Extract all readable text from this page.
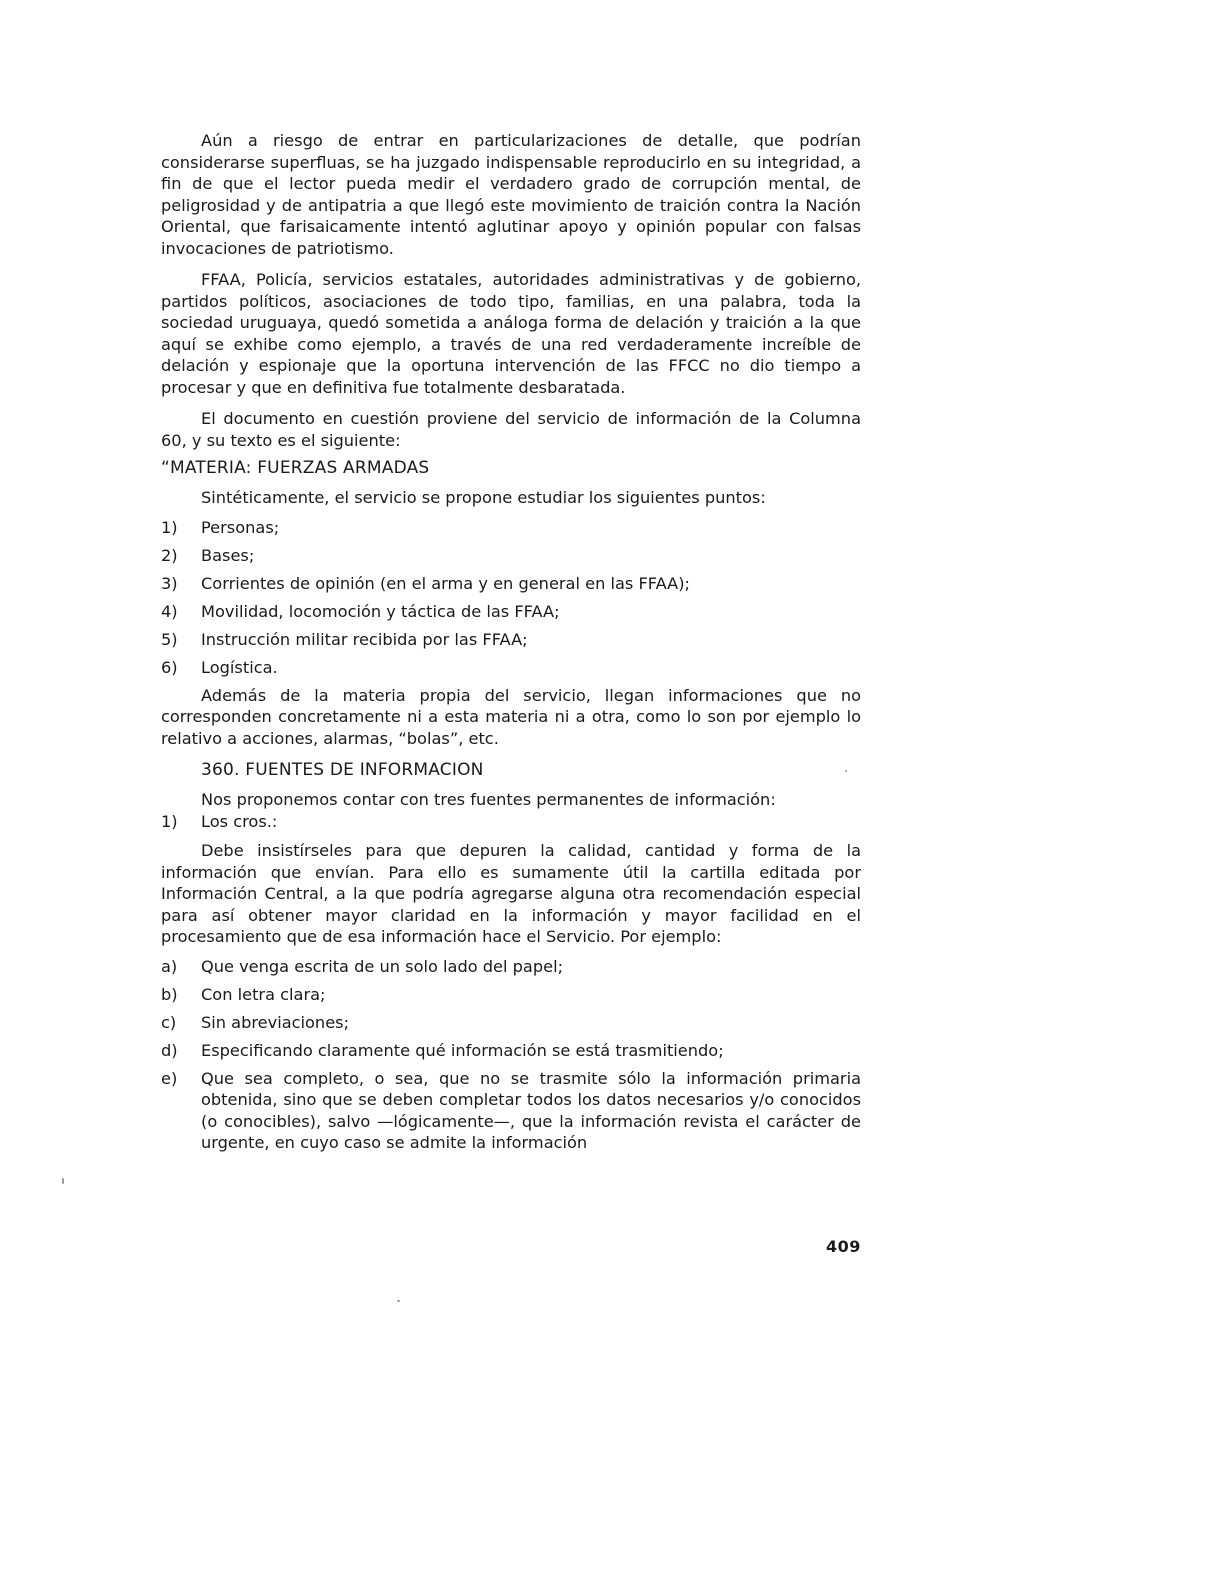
Aún a riesgo de entrar en particularizaciones de detalle, que podrían considerarse superfluas, se ha juzgado indispensable reproducirlo en su integridad, a fin de que el lector pueda medir el verdadero grado de corrupción mental, de peligrosidad y de antipatria a que llegó este movimiento de traición contra la Nación Oriental, que farisaicamente intentó aglutinar apoyo y opinión popular con falsas invocaciones de patriotismo.

FFAA, Policía, servicios estatales, autoridades administrativas y de gobierno, partidos políticos, asociaciones de todo tipo, familias, en una palabra, toda la sociedad uruguaya, quedó sometida a análoga forma de delación y traición a la que aquí se exhibe como ejemplo, a través de una red verdaderamente increíble de delación y espionaje que la oportuna intervención de las FFCC no dio tiempo a procesar y que en definitiva fue totalmente desbaratada.

El documento en cuestión proviene del servicio de información de la Columna 60, y su texto es el siguiente:

“MATERIA: FUERZAS ARMADAS

Sintéticamente, el servicio se propone estudiar los siguientes puntos:

1)	Personas;
2)	Bases;
3)	Corrientes de opinión (en el arma y en general en las FFAA);
4)	Movilidad, locomoción y táctica de las FFAA;
5)	Instrucción militar recibida por las FFAA;
6)	Logística.

Además de la materia propia del servicio, llegan informaciones que no corresponden concretamente ni a esta materia ni a otra, como lo son por ejemplo lo relativo a acciones, alarmas, “bolas”, etc.

360. FUENTES DE INFORMACION

Nos proponemos contar con tres fuentes permanentes de información:

1)	Los cros.:

Debe insistírseles para que depuren la calidad, cantidad y forma de la información que envían. Para ello es sumamente útil la cartilla editada por Información Central, a la que podría agregarse alguna otra recomendación especial para así obtener mayor claridad en la información y mayor facilidad en el procesamiento que de esa información hace el Servicio. Por ejemplo:

a)	Que venga escrita de un solo lado del papel;
b)	Con letra clara;
c)	Sin abreviaciones;
d)	Especificando claramente qué información se está trasmitiendo;
e)	Que sea completo, o sea, que no se trasmite sólo la información primaria obtenida, sino que se deben completar todos los datos necesarios y/o conocidos (o conocibles), salvo —lógicamente—, que la información revista el carácter de urgente, en cuyo caso se admite la información
409
